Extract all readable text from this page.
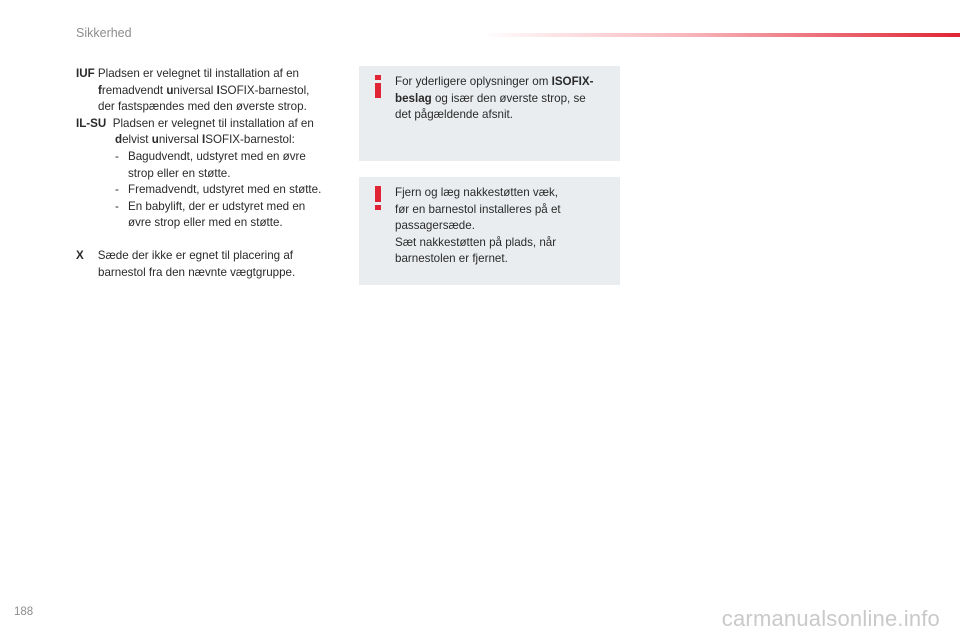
Sikkerhed
IUF Pladsen er velegnet til installation af en
fremadvendt universal ISOFIX-barnestol,
der fastspændes med den øverste strop.
IL-SU  Pladsen er velegnet til installation af en
delvist universal ISOFIX-barnestol:
- Bagudvendt, udstyret med en øvre
strop eller en støtte.
- Fremadvendt, udstyret med en støtte.
- En babylift, der er udstyret med en
øvre strop eller med en støtte.
X Sæde der ikke er egnet til placering af
barnestol fra den nævnte vægtgruppe.
For yderligere oplysninger om ISOFIX-
beslag og især den øverste strop, se
det pågældende afsnit.
Fjern og læg nakkestøtten væk,
før en barnestol installeres på et
passagersæde.
Sæt nakkestøtten på plads, når
barnestolen er fjernet.
188	carmanualsonline.info
